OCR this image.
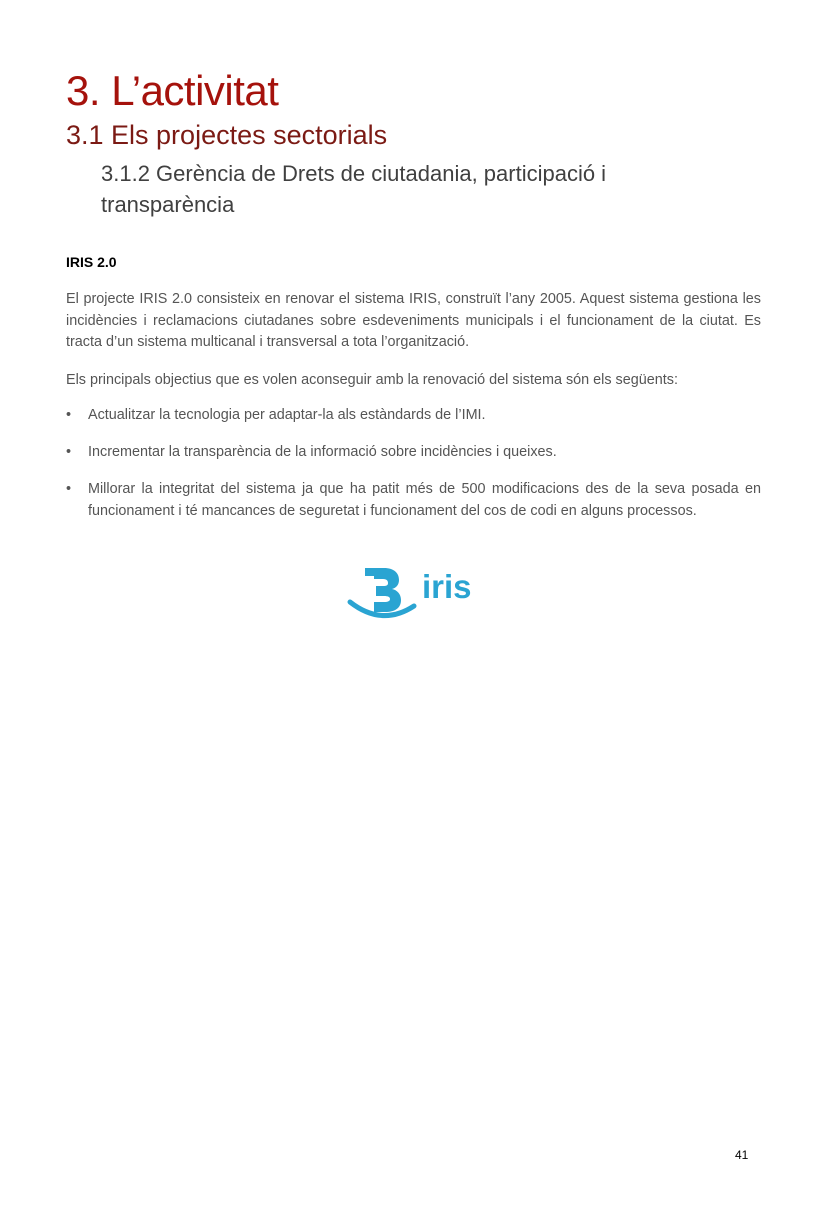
3. L’activitat
3.1 Els projectes sectorials
3.1.2 Gerència de Drets de ciutadania, participació i transparència
IRIS 2.0

El projecte IRIS 2.0 consisteix en renovar el sistema IRIS, construït l’any 2005. Aquest sistema gestiona les incidències i reclamacions ciutadanes sobre esdeveniments municipals i el funcionament de la ciutat. Es tracta d’un sistema multicanal i transversal a tota l’organització.

Els principals objectius que es volen aconseguir amb la renovació del sistema són els següents:

• Actualitzar la tecnologia per adaptar-la als estàndards de l’IMI.
• Incrementar la transparència de la informació sobre incidències i queixes.
• Millorar la integritat del sistema ja que ha patit més de 500 modificacions des de la seva posada en funcionament i té mancances de seguretat i funcionament del cos de codi en alguns processos.
iris

41
